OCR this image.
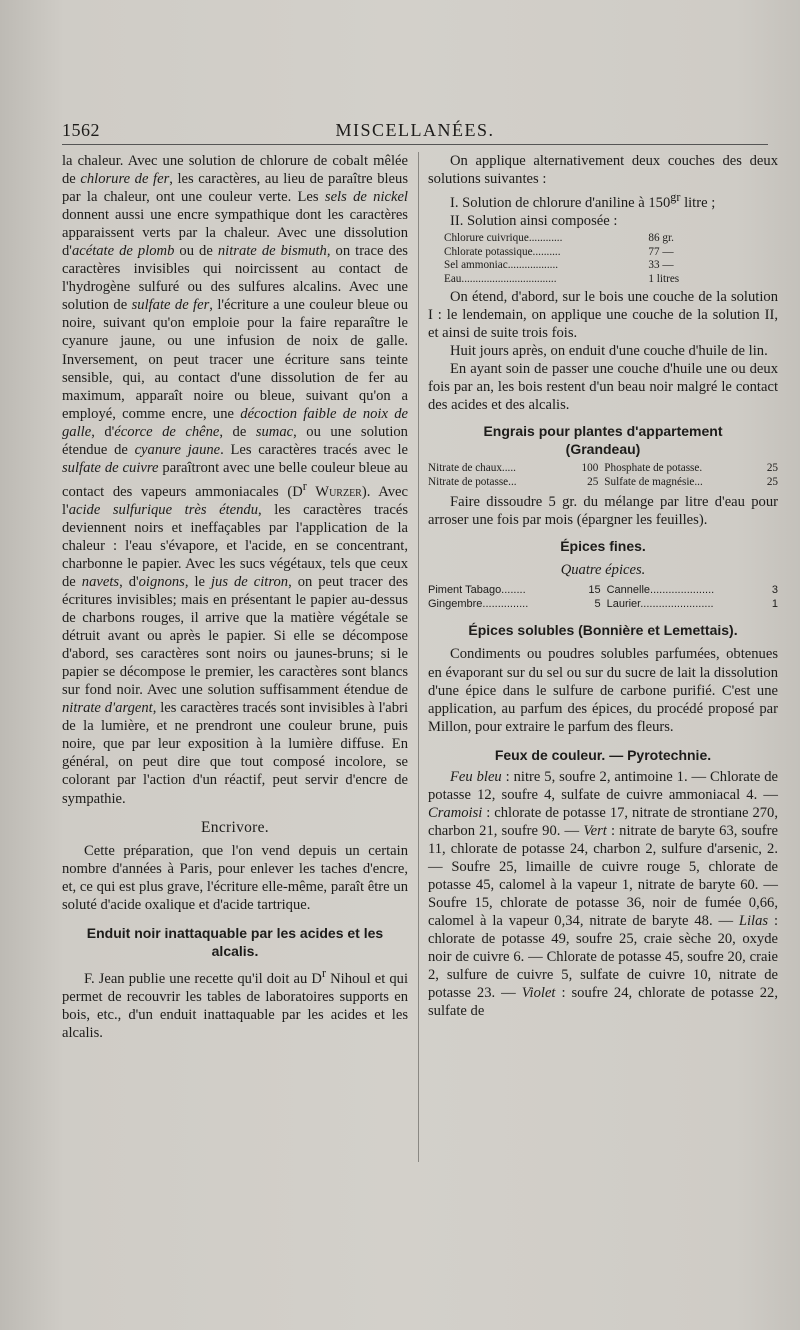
1562	MISCELLANÉES.

la chaleur. Avec une solution de chlorure de cobalt mêlée de chlorure de fer, les caractères, au lieu de paraître bleus par la chaleur, ont une couleur verte. Les sels de nickel donnent aussi une encre sympathique dont les caractères apparaissent verts par la chaleur. Avec une dissolution d'acétate de plomb ou de nitrate de bismuth, on trace des caractères invisibles qui noircissent au contact de l'hydrogène sulfuré ou des sulfures alcalins. Avec une solution de sulfate de fer, l'écriture a une couleur bleue ou noire, suivant qu'on emploie pour la faire reparaître le cyanure jaune, ou une infusion de noix de galle. Inversement, on peut tracer une écriture sans teinte sensible, qui, au contact d'une dissolution de fer au maximum, apparaît noire ou bleue, suivant qu'on a employé, comme encre, une décoction faible de noix de galle, d'écorce de chêne, de sumac, ou une solution étendue de cyanure jaune. Les caractères tracés avec le sulfate de cuivre paraîtront avec une belle couleur bleue au contact des vapeurs ammoniacales ($D^r$ Wurzer). Avec l'acide sulfurique très étendu, les caractères tracés deviennent noirs et ineffaçables par l'application de la chaleur : l'eau s'évapore, et l'acide, en se concentrant, charbonne le papier. Avec les sucs végétaux, tels que ceux de navets, d'oignons, le jus de citron, on peut tracer des écritures invisibles; mais en présentant le papier au-dessus de charbons rouges, il arrive que la matière végétale se détruit avant ou après le papier. Si elle se décompose d'abord, ses caractères sont noirs ou jaunes-bruns; si le papier se décompose le premier, les caractères sont blancs sur fond noir. Avec une solution suffisamment étendue de nitrate d'argent, les caractères tracés sont invisibles à l'abri de la lumière, et ne prendront une couleur brune, puis noire, que par leur exposition à la lumière diffuse. En général, on peut dire que tout composé incolore, se colorant par l'action d'un réactif, peut servir d'encre de sympathie.

Encrivore.

Cette préparation, que l'on vend depuis un certain nombre d'années à Paris, pour enlever les taches d'encre, et, ce qui est plus grave, l'écriture elle-même, paraît être un soluté d'acide oxalique et d'acide tartrique.

Enduit noir inattaquable par les acides et les alcalis.

F. Jean publie une recette qu'il doit au $D^r$ Nihoul et qui permet de recouvrir les tables de laboratoires supports en bois, etc., d'un enduit inattaquable par les acides et les alcalis.

On applique alternativement deux couches des deux solutions suivantes :

I. Solution de chlorure d'aniline à $150^{gr}$ litre ;

II. Solution ainsi composée :

Chlorure cuivrique............	86 gr.
Chlorate potassique..........	77 —
Sel ammoniac..................	33 —
Eau..................................	1 litres

On étend, d'abord, sur le bois une couche de la solution I : le lendemain, on applique une couche de la solution II, et ainsi de suite trois fois.

Huit jours après, on enduit d'une couche d'huile de lin.

En ayant soin de passer une couche d'huile une ou deux fois par an, les bois restent d'un beau noir malgré le contact des acides et des alcalis.

Engrais pour plantes d'appartement
(Grandeau)
Nitrate de chaux.....	100	Phosphate de potasse.	25
Nitrate de potasse...	25	Sulfate de magnésie...	25

Faire dissoudre 5 gr. du mélange par litre d'eau pour arroser une fois par mois (épargner les feuilles).

Épices fines.
Quatre épices.
Piment Tabago........	15	Cannelle.....................	3
Gingembre...............	5	Laurier........................	1
Épices solubles (Bonnière et Lemettais).

Condiments ou poudres solubles parfumées, obtenues en évaporant sur du sel ou sur du sucre de lait la dissolution d'une épice dans le sulfure de carbone purifié. C'est une application, au parfum des épices, du procédé proposé par Millon, pour extraire le parfum des fleurs.

Feux de couleur. — Pyrotechnie.

Feu bleu : nitre 5, soufre 2, antimoine 1. — Chlorate de potasse 12, soufre 4, sulfate de cuivre ammoniacal 4. — Cramoisi : chlorate de potasse 17, nitrate de strontiane 270, charbon 21, soufre 90. — Vert : nitrate de baryte 63, soufre 11, chlorate de potasse 24, charbon 2, sulfure d'arsenic, 2. — Soufre 25, limaille de cuivre rouge 5, chlorate de potasse 45, calomel à la vapeur 1, nitrate de baryte 60. — Soufre 15, chlorate de potasse 36, noir de fumée 0,66, calomel à la vapeur 0,34, nitrate de baryte 48. — Lilas : chlorate de potasse 49, soufre 25, craie sèche 20, oxyde noir de cuivre 6. — Chlorate de potasse 45, soufre 20, craie 2, sulfure de cuivre 5, sulfate de cuivre 10, nitrate de potasse 23. — Violet : soufre 24, chlorate de potasse 22, sulfate de
